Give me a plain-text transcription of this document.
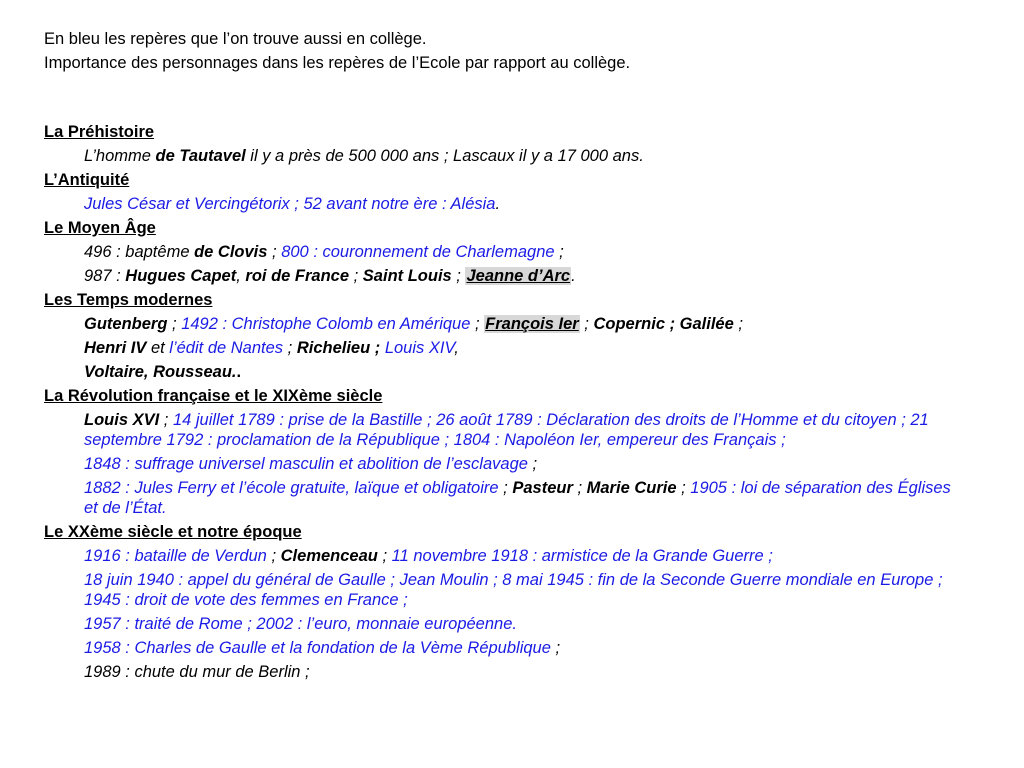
En bleu les repères que l’on trouve aussi en collège.
Importance des personnages dans les repères de l’Ecole par rapport au collège.
La Préhistoire
L’homme de Tautavel il y a près de 500 000 ans ; Lascaux il y a 17 000 ans.
L’Antiquité
Jules César et Vercingétorix ; 52 avant notre ère : Alésia.
Le Moyen Âge
496 : baptême de Clovis ; 800 : couronnement de Charlemagne ;
987 : Hugues Capet, roi de France ; Saint Louis ; Jeanne d’Arc.
Les Temps modernes
Gutenberg ; 1492 : Christophe Colomb en Amérique ; François Ier ; Copernic ; Galilée ;
Henri IV et l’édit de Nantes ; Richelieu ; Louis XIV,
Voltaire, Rousseau..
La Révolution française et le XIXème siècle
Louis XVI ; 14 juillet 1789 : prise de la Bastille ; 26 août 1789 : Déclaration des droits de l’Homme et du citoyen ; 21 septembre 1792 : proclamation de la République ; 1804 : Napoléon Ier, empereur des Français ;
1848 : suffrage universel masculin et abolition de l’esclavage ;
1882 : Jules Ferry et l’école gratuite, laïque et obligatoire ; Pasteur ; Marie Curie ; 1905 : loi de séparation des Églises et de l’État.
Le XXème siècle et notre époque
1916 : bataille de Verdun ; Clemenceau ; 11 novembre 1918 : armistice de la Grande Guerre ;
18 juin 1940 : appel du général de Gaulle ; Jean Moulin ; 8 mai 1945 : fin de la Seconde Guerre mondiale en Europe ; 1945 : droit de vote des femmes en France ;
1957 : traité de Rome ; 2002 : l’euro, monnaie européenne.
1958 : Charles de Gaulle et la fondation de la Vème République ;
1989 : chute du mur de Berlin ;
